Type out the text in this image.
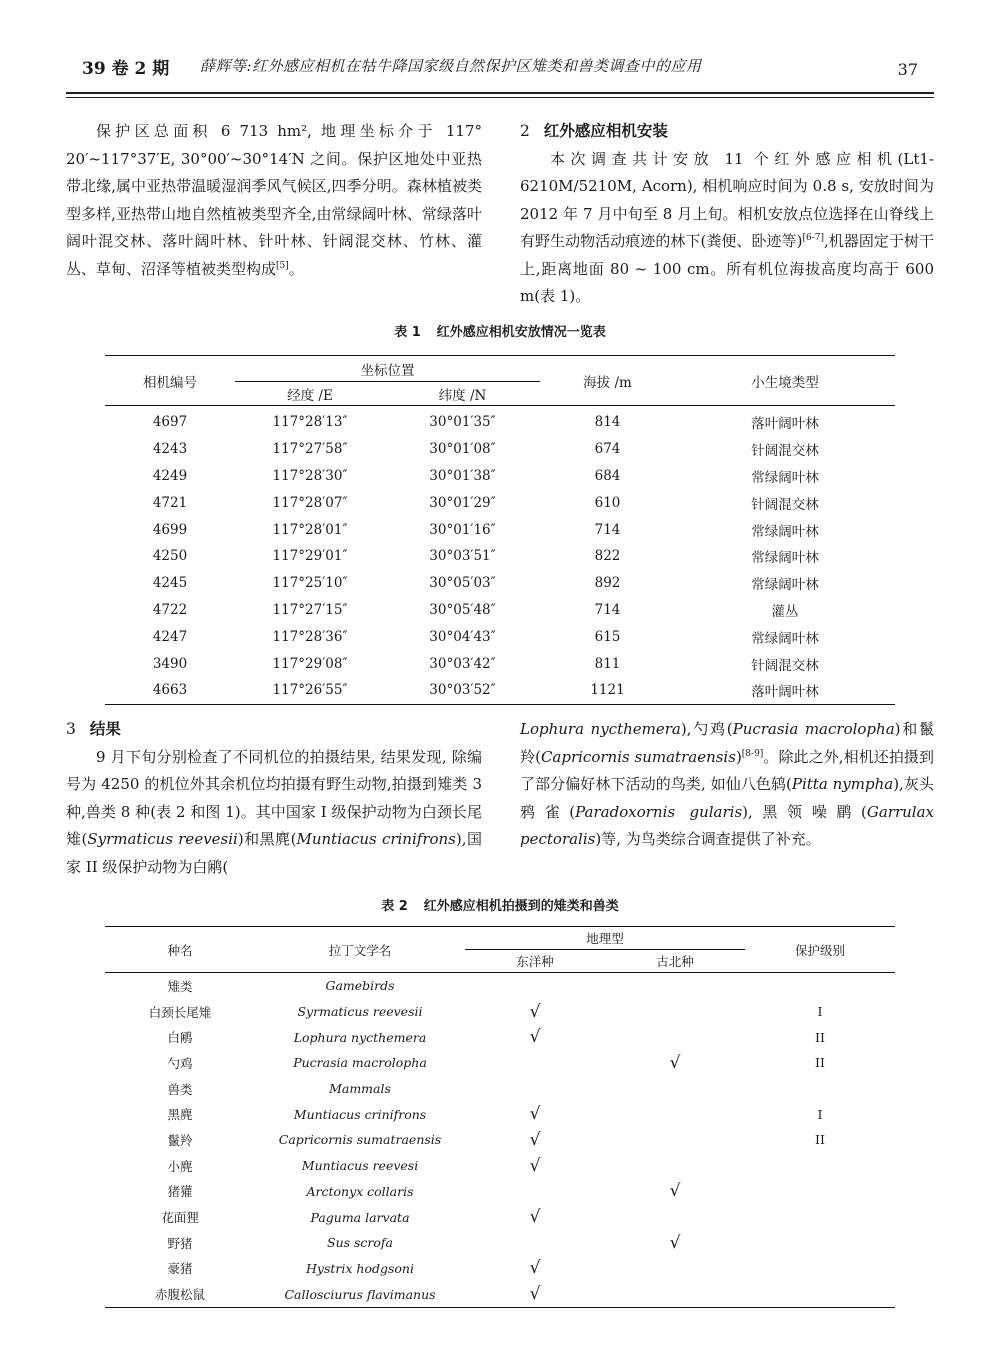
39 卷 2 期 薛辉等:红外感应相机在牯牛降国家级自然保护区雉类和兽类调查中的应用	37

保护区总面积 6 713 hm², 地理坐标介于 117° 20′~117°37′E, 30°00′~30°14′N 之间。保护区地处中亚热带北缘,属中亚热带温暖湿润季风气候区,四季分明。森林植被类型多样,亚热带山地自然植被类型齐全,由常绿阔叶林、常绿落叶阔叶混交林、落叶阔叶林、针叶林、针阔混交林、竹林、灌丛、草甸、沼泽等植被类型构成[5]。

2 红外感应相机安装

本次调查共计安放 11 个红外感应相机(Lt1-6210M/5210M, Acorn), 相机响应时间为 0.8 s, 安放时间为 2012 年 7 月中旬至 8 月上旬。相机安放点位选择在山脊线上有野生动物活动痕迹的林下(粪便、卧迹等)[6-7],机器固定于树干上,距离地面 80 ~ 100 cm。所有机位海拔高度均高于 600 m(表 1)。

表 1 红外感应相机安放情况一览表
相机编号	坐标位置		海拔 /m	小生境类型
	经度 /E	纬度 /N		
4697	117°28′13″	30°01′35″	814	落叶阔叶林
4243	117°27′58″	30°01′08″	674	针阔混交林
4249	117°28′30″	30°01′38″	684	常绿阔叶林
4721	117°28′07″	30°01′29″	610	针阔混交林
4699	117°28′01″	30°01′16″	714	常绿阔叶林
4250	117°29′01″	30°03′51″	822	常绿阔叶林
4245	117°25′10″	30°05′03″	892	常绿阔叶林
4722	117°27′15″	30°05′48″	714	灌丛
4247	117°28′36″	30°04′43″	615	常绿阔叶林
3490	117°29′08″	30°03′42″	811	针阔混交林
4663	117°26′55″	30°03′52″	1121	落叶阔叶林
3 结果

9 月下旬分别检查了不同机位的拍摄结果, 结果发现, 除编号为 4250 的机位外其余机位均拍摄有野生动物,拍摄到雉类 3 种,兽类 8 种(表 2 和图 1)。其中国家 I 级保护动物为白颈长尾雉(Syrmaticus reevesii)和黑麂(Muntiacus crinifrons),国家 II 级保护动物为白鹇(

Lophura nycthemera),勺鸡(Pucrasia macrolopha)和鬣羚(Capricornis sumatraensis)[8-9]。除此之外,相机还拍摄到了部分偏好林下活动的鸟类, 如仙八色鸫(Pitta nympha),灰头鸦雀(Paradoxornis gularis),黑领噪鹛(Garrulax pectoralis)等, 为鸟类综合调查提供了补充。

表 2 红外感应相机拍摄到的雉类和兽类
种名	拉丁文学名	地理型		保护级别
		东洋种	古北种	
雉类	Gamebirds			
白颈长尾雉	Syrmaticus reevesii	√		I
白鹇	Lophura nycthemera	√		II
勺鸡	Pucrasia macrolopha		√	II
兽类	Mammals			
黑麂	Muntiacus crinifrons	√		I
鬣羚	Capricornis sumatraensis	√		II
小麂	Muntiacus reevesi	√		
猪獾	Arctonyx collaris		√	
花面狸	Paguma larvata	√		
野猪	Sus scrofa		√	
豪猪	Hystrix hodgsoni	√		
赤腹松鼠	Callosciurus flavimanus	√		
